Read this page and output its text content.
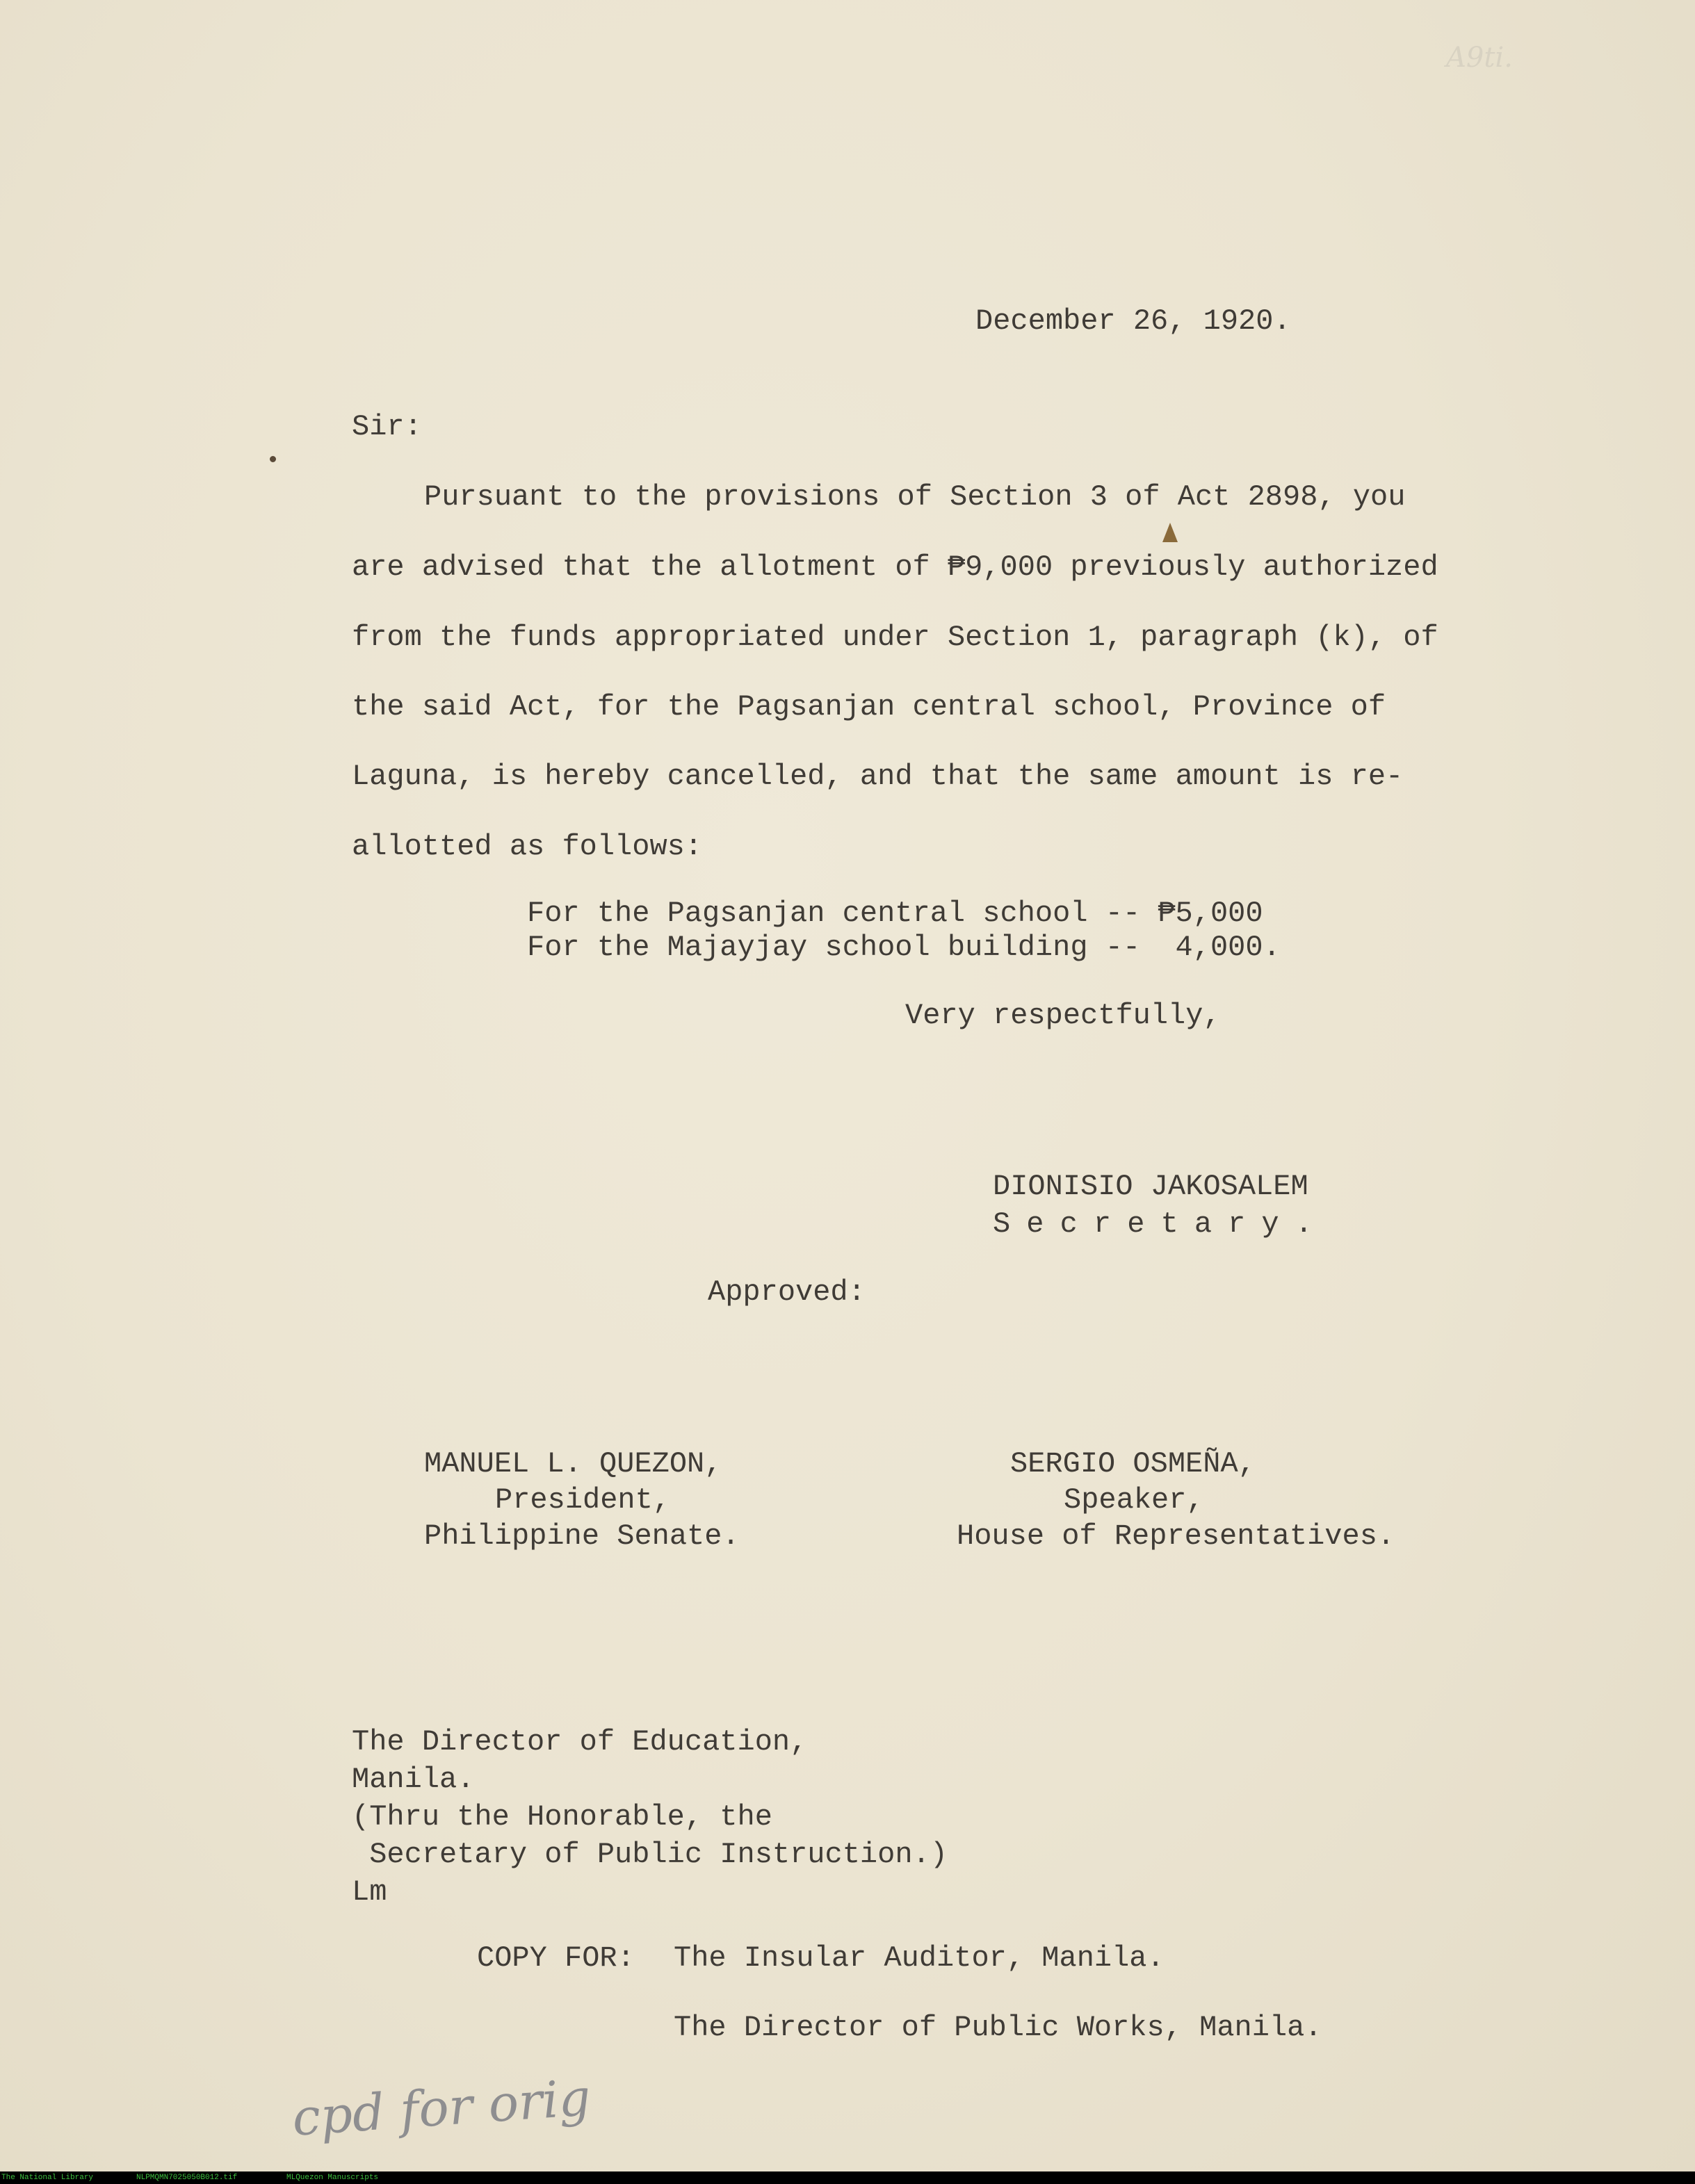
A9ti.
December 26, 1920.
Sir:
Pursuant to the provisions of Section 3 of Act 2898, you
are advised that the allotment of ₱9,000 previously authorized
from the funds appropriated under Section 1, paragraph (k), of
the said Act, for the Pagsanjan central school, Province of
Laguna, is hereby cancelled, and that the same amount is re-
allotted as follows:
For the Pagsanjan central school -- ₱5,000
For the Majayjay school building --  4,000.
Very respectfully,
DIONISIO JAKOSALEM
Secretary.
Approved:
MANUEL L. QUEZON,
President,
Philippine Senate.
SERGIO OSMEÑA,
Speaker,
House of Representatives.
The Director of Education,
Manila.
(Thru the Honorable, the
Secretary of Public Instruction.)
Lm
COPY FOR: The Insular Auditor, Manila.
The Director of Public Works, Manila.
cpd for orig
The National Library	NLPMQMN7025050B012.tif	MLQuezon Manuscripts
